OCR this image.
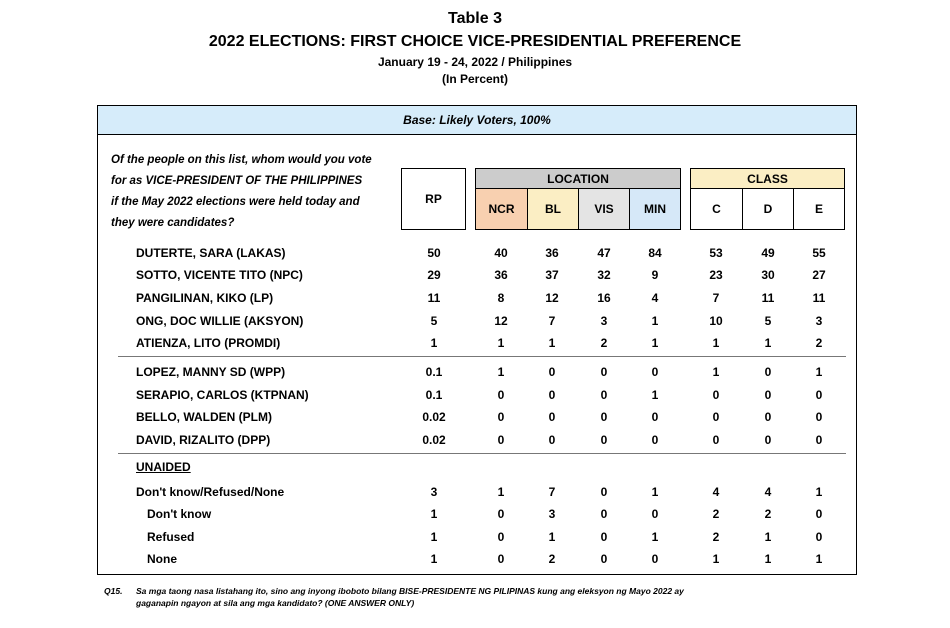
Table 3
2022 ELECTIONS: FIRST CHOICE VICE-PRESIDENTIAL PREFERENCE
January 19 - 24, 2022 / Philippines
(In Percent)
Base: Likely Voters, 100%
Of the people on this list, whom would you vote
for as VICE-PRESIDENT OF THE PHILIPPINES
if the May 2022 elections were held today and
they were candidates?
RP
LOCATION
NCR	BL	VIS	MIN
CLASS
C	D	E
DUTERTE, SARA (LAKAS)	50	40	36	47	84	53	49	55
SOTTO, VICENTE TITO (NPC)	29	36	37	32	9	23	30	27
PANGILINAN, KIKO (LP)	11	8	12	16	4	7	11	11
ONG, DOC WILLIE (AKSYON)	5	12	7	3	1	10	5	3
ATIENZA, LITO (PROMDI)	1	1	1	2	1	1	1	2
LOPEZ, MANNY SD (WPP)	0.1	1	0	0	0	1	0	1
SERAPIO, CARLOS (KTPNAN)	0.1	0	0	0	1	0	0	0
BELLO, WALDEN (PLM)	0.02	0	0	0	0	0	0	0
DAVID, RIZALITO (DPP)	0.02	0	0	0	0	0	0	0
Don't know/Refused/None	3	1	7	0	1	4	4	1
Don't know	1	0	3	0	0	2	2	0
Refused	1	0	1	0	1	2	1	0
None	1	0	2	0	0	1	1	1
UNAIDED
Q15. Sa mga taong nasa listahang ito, sino ang inyong iboboto bilang BISE-PRESIDENTE NG PILIPINAS kung ang eleksyon ng Mayo 2022 ay
gaganapin ngayon at sila ang mga kandidato? (ONE ANSWER ONLY)
